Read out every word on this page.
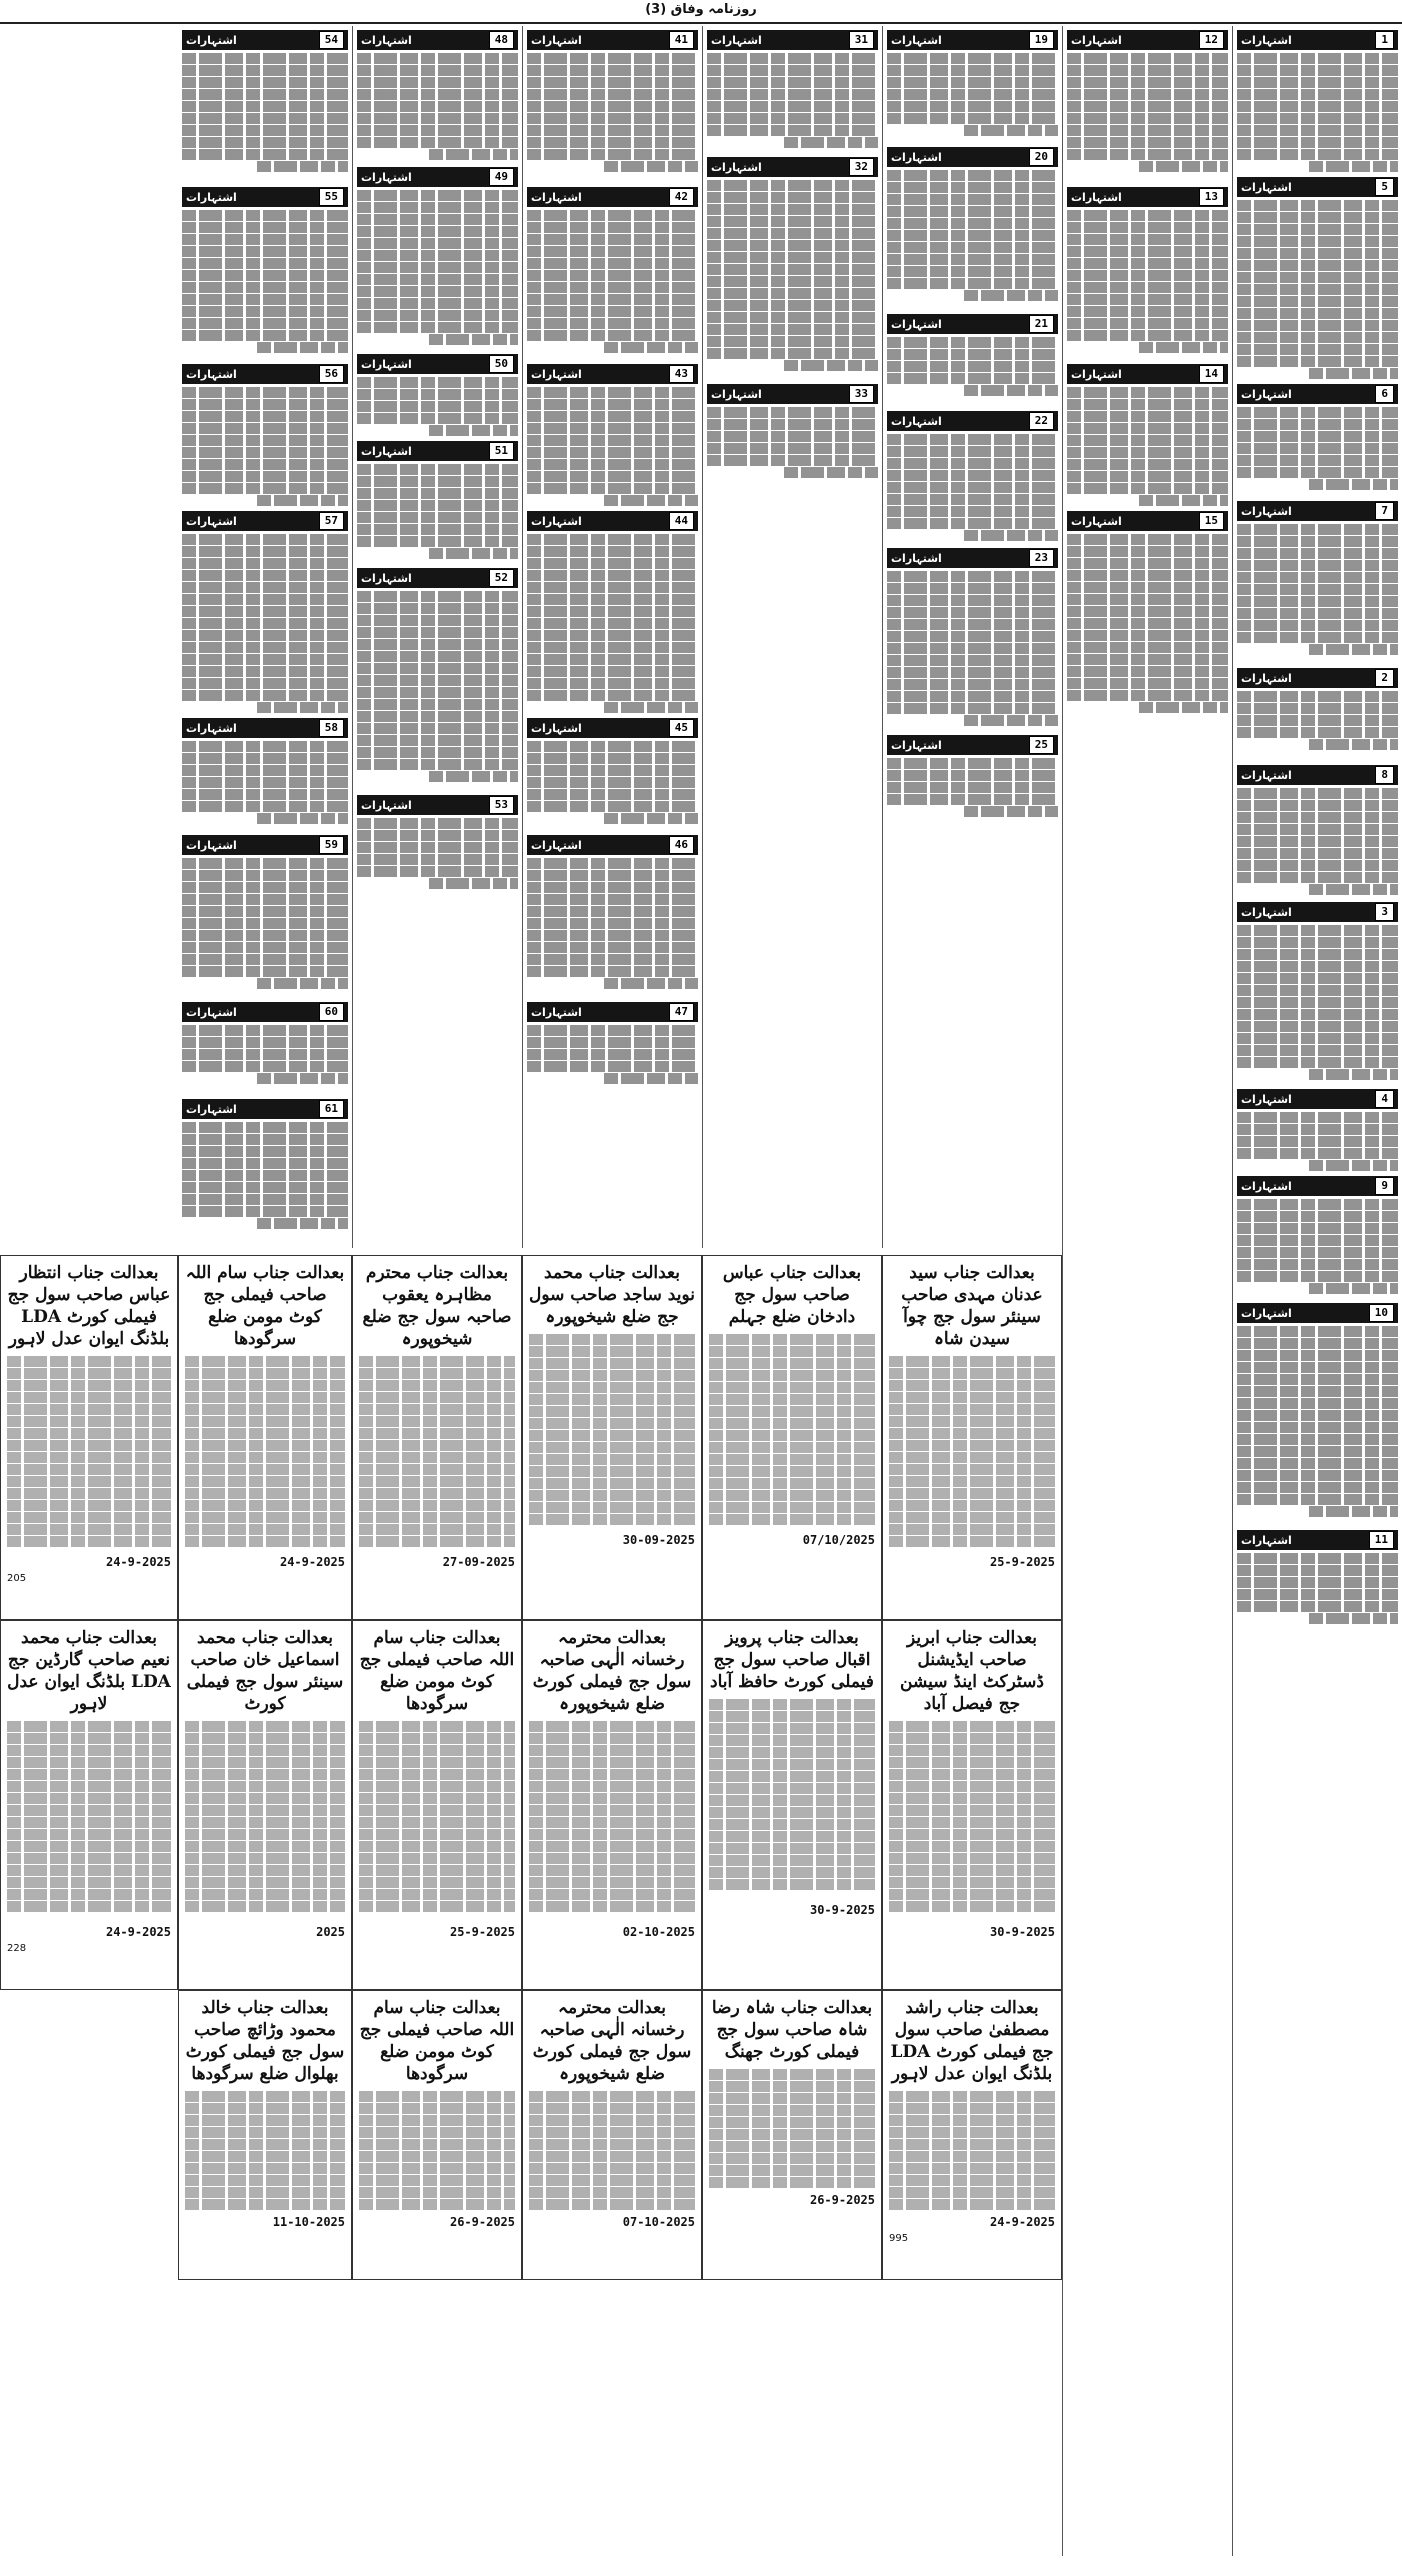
روزنامہ وفاق (3)
1
اشتہارات
5
اشتہارات
6
اشتہارات
7
اشتہارات
2
اشتہارات
8
اشتہارات
3
اشتہارات
4
اشتہارات
9
اشتہارات
10
اشتہارات
11
اشتہارات
12
اشتہارات
13
اشتہارات
14
اشتہارات
15
اشتہارات
19
اشتہارات
20
اشتہارات
21
اشتہارات
22
اشتہارات
23
اشتہارات
25
اشتہارات
31
اشتہارات
32
اشتہارات
33
اشتہارات
41
اشتہارات
42
اشتہارات
43
اشتہارات
44
اشتہارات
45
اشتہارات
46
اشتہارات
47
اشتہارات
48
اشتہارات
49
اشتہارات
50
اشتہارات
51
اشتہارات
52
اشتہارات
53
اشتہارات
54
اشتہارات
55
اشتہارات
56
اشتہارات
57
اشتہارات
58
اشتہارات
59
اشتہارات
60
اشتہارات
61
اشتہارات
بعدالت جناب سید عدنان مہدی صاحب سینئر سول جج چوآ سیدن شاہ
25-9-2025
بعدالت جناب عباس صاحب سول جج دادخان ضلع جہلم
07/10/2025
بعدالت جناب محمد نوید ساجد صاحب سول جج ضلع شیخوپورہ
30-09-2025
بعدالت جناب محترم مظاہرہ یعقوب صاحبہ سول جج ضلع شیخوپورہ
27-09-2025
بعدالت جناب سام اللہ صاحب فیملی جج کوٹ مومن ضلع سرگودھا
24-9-2025
بعدالت جناب انتظار عباس صاحب سول جج فیملی کورٹ LDA بلڈنگ ایوان عدل لاہور
24-9-2025
205
بعدالت جناب ابریز صاحب ایڈیشنل ڈسٹرکٹ اینڈ سیشن جج فیصل آباد
30-9-2025
بعدالت جناب پرویز اقبال صاحب سول جج فیملی کورٹ حافظ آباد
30-9-2025
بعدالت محترمہ رخسانہ الٰہی صاحبہ سول جج فیملی کورٹ ضلع شیخوپورہ
02-10-2025
بعدالت جناب سام اللہ صاحب فیملی جج کوٹ مومن ضلع سرگودھا
25-9-2025
بعدالت جناب محمد اسماعیل خان صاحب سینئر سول جج فیملی کورٹ
2025
بعدالت جناب محمد نعیم صاحب گارڈین جج LDA بلڈنگ ایوان عدل لاہور
24-9-2025
228
بعدالت جناب راشد مصطفیٰ صاحب سول جج فیملی کورٹ LDA بلڈنگ ایوان عدل لاہور
24-9-2025
995
بعدالت جناب شاہ رضا شاہ صاحب سول جج فیملی کورٹ جھنگ
26-9-2025
بعدالت محترمہ رخسانہ الٰہی صاحبہ سول جج فیملی کورٹ ضلع شیخوپورہ
07-10-2025
بعدالت جناب سام اللہ صاحب فیملی جج کوٹ مومن ضلع سرگودھا
26-9-2025
بعدالت جناب خالد محمود وڑائچ صاحب سول جج فیملی کورٹ بھلوال ضلع سرگودھا
11-10-2025
